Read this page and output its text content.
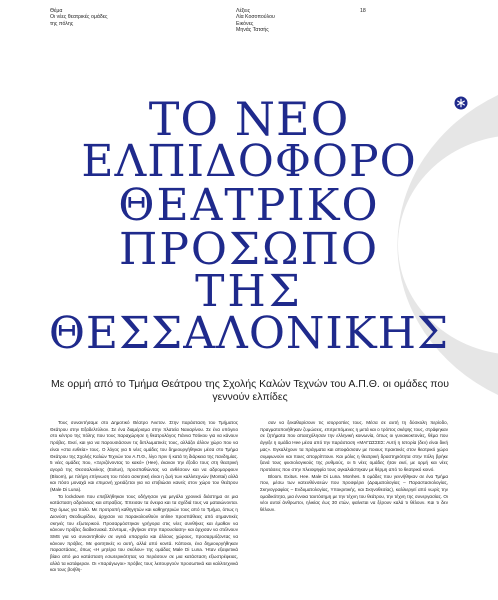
Θέμα
Οι νέες θεατρικές ομάδες
της πόλης
Λέξεις
Λία Κοσοπούλου
Εικόνες
Μηνάς Τατσής
18
ΤΟ ΝΕΟ
ΕΛΠΙΔΟΦΟΡΟ
ΘΕΑΤΡΙΚΟ
ΠΡΟΣΩΠΟ
ΤΗΣ
ΘΕΣΣΑΛΟΝΙΚΗΣ
Με ορμή από το Τμήμα Θεάτρου της Σχολής Καλών Τεχνών του Α.Π.Θ. οι ομάδες που γεννούν ελπίδες

Τους συναντήσαμε στο Δημοτικό Θέατρο Άνετον. Στην παράσταση του Τμήματος Θεάτρου στην Εξαδελτύλιον. Σε ένα διαμέρισμα στην πλατεία Ναυαρίνου. Σε ένα υπόγειο στο κέντρο της πόλης που τους παραχώρησε η θεατρολόγος Γιάννα Τσόκου για να κάνουν πρόβες. Εκεί, και για να παρουσιάσουν τις διπλωματικές τους, αλλάζει άλλον χώρο που να είναι «στα ευθεία» τους. Ο λόγος για 5 νέες ομάδες του δημιουργήθηκαν μέσα στο Τμήμα Θεάτρου της Σχολής Καλών Τεχνών του Α.Π.Θ., λίγο πριν ή κατά τη διάρκεια της πανδημίας. 5 νέες ομάδες που, «Ξεριζόνοντας το κακό» (Hee), έκαναν την έξοδο τους στη θεατρική αγορά της Θεσσαλονίκης (Exitus), προσπαθώντας να ανθέσουν και να αδρομορφουν (Bloom), με πλήρη επίγνωση του πόσο ασκητική είναι η ζωή των καλλιτεχνών (Montai) αλλά και πόσο μοναχά και επιμονή χρειάζεται για να επιβιώσει κανείς στον χώρο του θεάτρου (Male Di Luna).

Τα lockdown που επεβλήθηκαν τους οδήγησαν για μεγάλο χρονικό διάστημα σε μια κατάσταση αδράνειας και απραξίας. Έπεισαν τα όνειρα και τα σχέδιά τους να ματαιώνονται. Όχι όμως για πολύ. Με προτροπή καθηγητών και καθηγητριών τους από το Τμήμα, όπως η Διονύση Θεοδωρίδου, άρχισαν να παρακολουθούν online προσπάθειες από σημαντικές σκηνές του εξωτερικού. Προσαρμόστηκαν γρήγορα στις νέες συνθήκες και έμαθαν να κάνουν πρόβες διαδικτυακά. Σύντομα, «βγήκαν στην παρουσίαση» και άρχισαν να στέλνουν SMS για να συναντηθούν σε υγειά υπαρχεία και άλλους χώρους, προσαρμόζοντας να κάνουν πρόβες. Με φοιτητικές κι αυτή, αλλά από κοντά. Κάποιοι, ένα δημιουργήθηκαν παραστάσεις, όπως «Η μητέρα του σκύλου» της ομάδας Male Di Luna. Ήταν εξαιρετικά βίαιο από μια κατάσταση εσωτερικότητας να περάσουν σε μια κατάσταση εξωστρέφειας, αλλά τα κατάφεραν. Οι «παράγωγοι» πρόβες τους λειτουργούν προσωπικά και καλλιτεχνικά και τους βοήθη-

σαν να ξεκαθαρίσουν τις ισορροπίες τους. Μέσα σε αυτή τη δύσκολη περίοδο, πραγματοποιήθηκαν ζυμώσεις, επιτρεπόμενες η μετά και ο τρόπος σκέψης τους, στράφηκαν σε ζητήματα που απασχόλησαν την ελληνική κοινωνία, όπως οι γυναικοκτονίες, θέμα που άγγιξε η ομάδα Hee μέσα από την παράσταση «ΜΑΓΩΣΣΕΣ: Αυτή η Ιστορία (δεν) είναι δική μας». Εγκαλέχουν τα πράγματα και αποφάσισαν με ποιους πρακτικές στον θεατρικό χώρο συμφωνούν και ποιες απορρίπτουν. Και μόλις η θεατρική δραστηριότητα στην πόλη βρήκε ξανά τους φυσιολογικούς της ρυθμούς, οι 5 νέες ομάδες ήταν εκεί, με ορμή και νέες προτάσεις που στην πλειοψηφία τους αγκαλιάστηκαν με θέρμη από το θεατρικό κοινό.

Bloom. Exitus. Hee. Male Di Luna. Monhes. 5 ομάδες που γεννήθηκαν σε ένα Τμήμα που, μέσω των κατευθύνσεών που προσφέρει (Δραματολογίας – Παραστασιολογίας, Σκηνογραφίας – Ενδυματολογίας, Υποκριτικής, και Σκηνοθεσίας), καλλιεργεί από νωρίς την ομαδικότητα, μια έννοια ταυτόσημη με την τέχνη του θεάτρου, την τέχνη της συνεργασίας. Οι νέοι αυτοί άνθρωποι, ηλικίας έως 30 ετών, φαίνεται να ξέρουν καλά τι θέλουν. Και τι δεν θέλουν.
